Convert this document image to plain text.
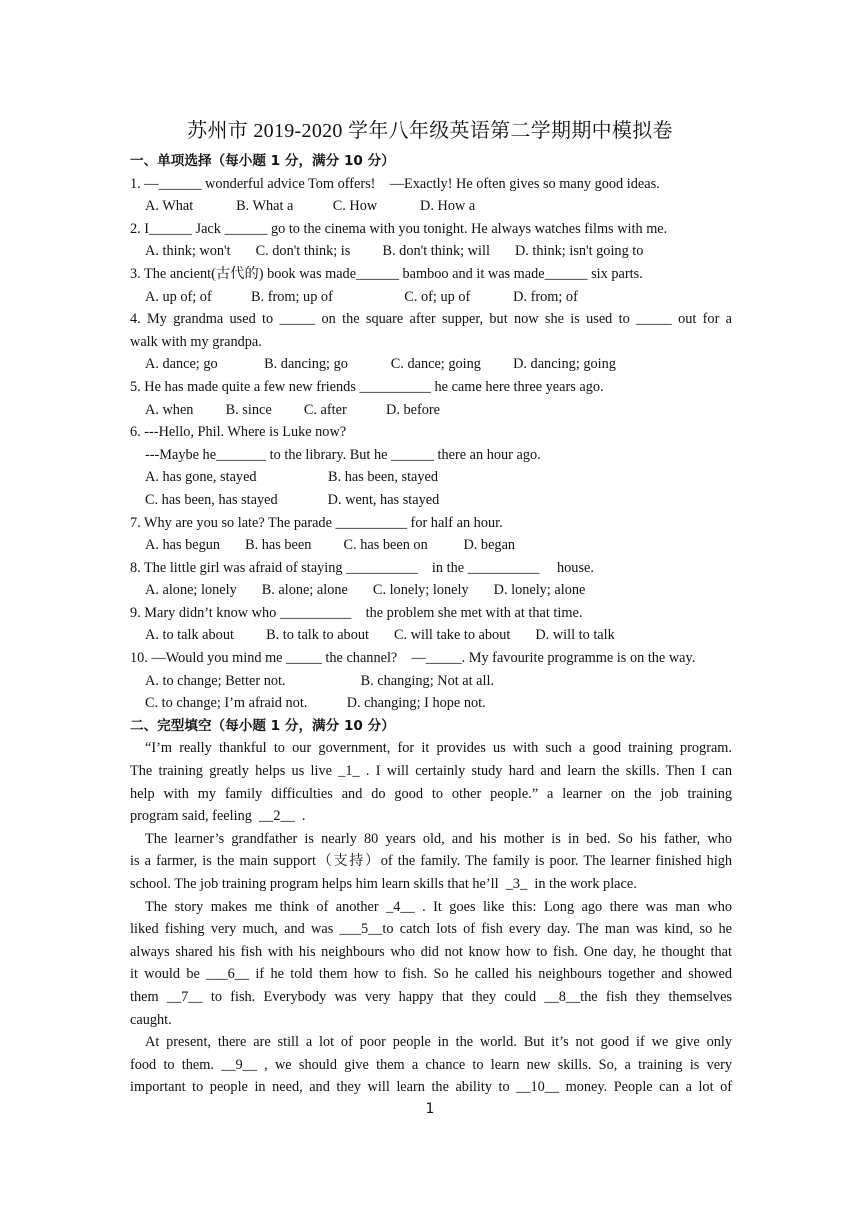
苏州市 2019-2020 学年八年级英语第二学期期中模拟卷
一、单项选择（每小题 1 分，满分 10 分）
1. —______ wonderful advice Tom offers!    —Exactly! He often gives so many good ideas.
A. What            B. What a           C. How            D. How a
2. I______ Jack ______ go to the cinema with you tonight. He always watches films with me.
A. think; won't       C. don't think; is         B. don't think; will       D. think; isn't going to
3. The ancient(古代的) book was made______ bamboo and it was made______ six parts.
A. up of; of           B. from; up of                    C. of; up of            D. from; of
4. My grandma used to _____ on the square after supper, but now she is used to _____ out for a
walk with my grandpa.
A. dance; go             B. dancing; go            C. dance; going         D. dancing; going
5. He has made quite a few new friends __________ he came here three years ago.
A. when         B. since         C. after           D. before
6. ---Hello, Phil. Where is Luke now?
---Maybe he_______ to the library. But he ______ there an hour ago.
A. has gone, stayed                    B. has been, stayed
C. has been, has stayed              D. went, has stayed
7. Why are you so late? The parade __________ for half an hour.
A. has begun       B. has been         C. has been on          D. began
8. The little girl was afraid of staying __________    in the __________     house.
A. alone; lonely       B. alone; alone       C. lonely; lonely       D. lonely; alone
9. Mary didn’t know who __________    the problem she met with at that time.
A. to talk about         B. to talk to about       C. will take to about       D. will to talk
10. —Would you mind me _____ the channel?    —_____. My favourite programme is on the way.
A. to change; Better not.                     B. changing; Not at all.
C. to change; I’m afraid not.           D. changing; I hope not.
二、完型填空（每小题 1 分，满分 10 分）
“I’m really thankful to our government, for it provides us with such a good training program.
The training greatly helps us live _1_ . I will certainly study hard and learn the skills. Then I can
help with my family difficulties and do good to other people.” a learner on the job training
program said, feeling  __2__  .
The learner’s grandfather is nearly 80 years old, and his mother is in bed. So his father, who
is a farmer, is the main support（支持）of the family. The family is poor. The learner finished high
school. The job training program helps him learn skills that he’ll  _3_  in the work place.
The story makes me think of another _4__ . It goes like this: Long ago there was man who
liked fishing very much, and was ___5__to catch lots of fish every day. The man was kind, so he
always shared his fish with his neighbours who did not know how to fish. One day, he thought that
it would be ___6__ if he told them how to fish. So he called his neighbours together and showed
them __7__ to fish. Everybody was very happy that they could __8__the fish they themselves
caught.
At present, there are still a lot of poor people in the world. But it’s not good if we give only
food to them. __9__ , we should give them a chance to learn new skills. So, a training is very
important to people in need, and they will learn the ability to __10__ money. People can a lot of
1
